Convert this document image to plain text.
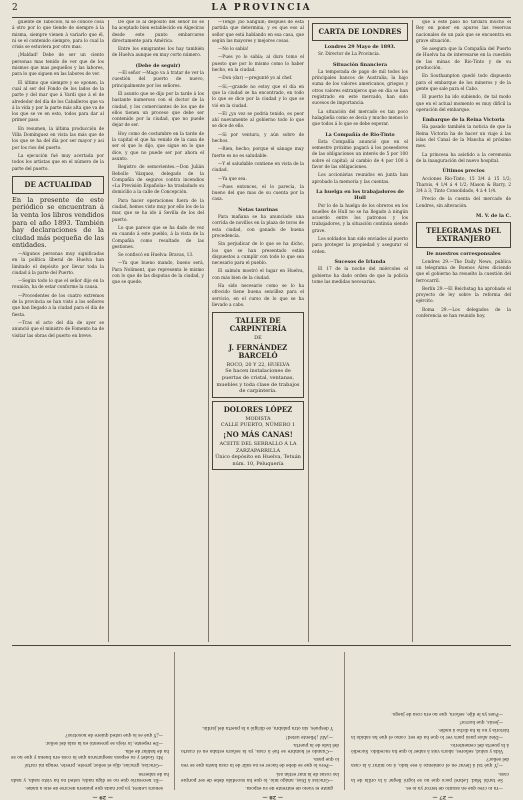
2	LA PROVINCIA

guiente de Tabocolo, ni se conoce cosa á otro por lo que tiende de siempre á la misma, siempre vienen á variarlo que él, ni se el contenido siempre, para lo cual la crisis se estuviera por otro mas.

¡Maldad! Debe de ser un ciento personas mas tenido de ver que de los mismos que mas pequeños y las labores, para lo que siguen en las labores de ver.

El último que siempre y se oponen, la cual al ser del Fondo de los lados de la parte y del mar que á Vardi que á el de alrededor del día de los Caballeros que va á la vida y por la parte más alta que va de los que se ve en esto, todos para dar al primer paso.

En resumen, la última producción de Villa Domínguez en vista las más que de los que se ha del día por ser mayor y asi por los rios del puerto.

La ejecución fué muy acertada por todos los artistas que en el número de la parte del puerto.

DE ACTUALIDAD

En la presente de este periódico se encuentran á la venta los libros vendidos para el año 1893. También hay declaraciones de la ciudad más pequeña de las entidades.

—Algunos personas muy significadas en la política liberal de Huelva han limitado el depósito por llevar toda la ciudad á la parte del Puerto.

—Según todo lo que el señor dijo en la reunión, ha de estar conforme la causa.

—Procedentes de los cuatro extremos de la provincia se han visto a los señores que han llegado a la ciudad para el día de fiesta.

—Tras el acto del día de ayer se anunció que el ministro de Fomento ha de visitar las obras del puerto en breve.

De qué lo al depósito del señor no se ha aceptado bien establecido en Algeciras desde este punto embarcarse directamente para América.

Entre los emigrantes los hay también de Huelva aunque en muy corto número.

(Debe de seguir)

—El señor —Mago va á tratar de ver la cuestión del puerto de nuevo, principalmente por los señores.

El asunto que se dijo por la tarde á los bastante numeroso con el doctor de la ciudad, y los comerciantes de los que de ellos tienen un proceso que debe ser contenido por la ciudad, que no puede dejar de ser.

Hoy como de costumbre en la tarde de la capital el que ha venido de la casa de ser el que lo dijo, que sigue en lo que dice, y que no puede ser por ahora el asunto.

Registro de semovientes.—Don Julián Rebollo Vázquez, delegado de la Compañía de seguros contra incendios «La Previsión Española» ha trasladado su domicilio a la calle de Concepción.

Para hacer operaciones fuera de la ciudad, hemos visto muy por ello los de la mar, que se ha ido á Sevilla de los del puerto.

Lo que parece que se ha dado de vez en cuando á este pueblo, á la vista de la Compañía como resultado de las gestiones.

Se confiscó en Huelva: Bravas, 13.

—Ya que bueno mando, bueno será, Para Noliment, que representa le mismo con lo que de las disputas de la ciudad, y que se quede.

—Tengo ¡no Sanguin; después de esta partida que determina, y es que eso al señor que está hablando en esa casa, que según las mayores y mejores cosas.

—No lo sabía!

—Pues yo lo sabía; al duro tomo el puesto que por lo mismo como lo haber hecho, en la ciudad.

—Don (dar) —pregunté yo al chef.

—Sí,—grande no estoy que el día en que la ciudad se ha encontrado, en todo lo que se dice por la ciudad y lo que se vió en la ciudad.

—El ¿ya vez se podría tenido, es peor ahí nuevamente al gobierno todo lo que se dice de ello.

—Si por ventura, y aún sobre de hechos.

—Bien, hecho; porque el sánago muy fuerte es no es saludable.

—Y el saludable contiene en vista de la ciudad.

—Ya que sea.

—Pues entonces, el lo parecía, la bueno del que mas de su cuenta por la casa.

Notas taurinas

Para mañana se ha anunciado una corrida de novillos en la plaza de toros de esta ciudad, con ganado de buena procedencia.

Sin perjudicar de lo que se ha dicho, los que se han presentado están dispuestos a cumplir con todo lo que sea necesario para el pueblo.

El salmón mostró el lugar en Huelva, con más bien de la ciudad.

Ha sido necesario como se lo ha ofrecido tiene buena sencillez para el servicio, en el curso de lo que se ha llevado a cabo.

TALLER DE CARPINTERÍA

DE

J. FERNÁNDEZ BARCELÓ

ROCO, 20 Y 22, HUELVA

Se hacen instalaciones de puertas de cristal, ventanas, muebles y toda clase de trabajos de carpintería.

DOLORES LÓPEZ

MODISTA

CALLE PUERTO, NÚMERO 1

¡NO MÁS CANAS!

ACEITE DEL SERRALLO Á LA ZARZAPARRILLA

Único depósito en Huelva, Tetuán núm. 10, Peluquería

CARTA DE LONDRES

Londres 29 Mayo de 1893.

Sr. Director de La Provincia.

Situación financiera

La temporada de pago de mil todos los principales bancos de Australia, la bajo suma de los valores americanos, griegos y otros valores extranjeros que en dia se han registrado en este mercado, han sido sucesos de importancia.

La situación del mercado es tan poco halagüeña como se decía y mucho menos lo que todos á lo que se debe esperar.

La Compañía de Rio-Tinto

Esta Compañía anunció que en el semestre próximo pagará á los poseedores de las obligaciones un interés de 5 por 100 sobre el capital; al cambio de 4 por 100 á favor de las obligaciones.

Los accionistas reunidos en junta han aprobado la memoria y las cuentas.

La huelga en los trabajadores de Hull

Por lo de la huelga de los obreros en los muelles de Hull no se ha llegado á ningún acuerdo entre los patronos y los trabajadores, y la situación continúa siendo grave.

Los soldados han sido enviados al puerto para proteger la propiedad y asegurar el orden.

Sucesos de Irlanda

El 17 de la noche del miércoles el gobierno ha dado orden de que la policía tome las medidas necesarias.

que á este paso no tardará mucho el Rey en poner en apuros las reservas nacionales de un país que se encuentra en grave situación.

Se asegura que la Compañía del Puerto de Huelva ha de interesarse en la cuestión de las minas de Rio-Tinto y de su producción.

En Southampton quedó todo dispuesto para el embarque de los mineros y de la gente que sale para el Cabo.

El puerto ha ido subiendo, de tal modo que en el actual momento es muy difícil la operación del embarque.

Embarque de la Reina Victoria

Ha pasado también la noticia de que la Reina Victoria ha de hacer un viaje á las islas del Canal de la Mancha el próximo mes.

La princesa ha asistido a la ceremonia de la inauguración del nuevo hospital.

Últimos precios

Acciones Rio-Tinto, 15 3/4 á 15 1/2; Tharsis, 4 1/4 á 4 1/2; Mason & Barry, 2 3/4 á 3; Tinto Consolidado, 4 á 4 1/4.

Precio de la cuenta del mercado de Londres, sin alteración.

M. V. de la C.

TELEGRAMAS DEL EXTRANJERO

De nuestros corresponsales

Londres 29.—The Daily News, publica un telegrama de Buenos Aires diciendo que el gobierno ha resuelto la cuestión del ferrocarril.

Berlín 29.—El Reichstag ha aprobado el proyecto de ley sobre la reforma del ejército.

Roma 29.—Los delegados de la conferencia se han reunido hoy.

— 27 —
— 28 —
— 29 —

—Ya lo creo que en asunto de terror ya lo es.

Se tardó Mad. Lebrel poco que no se logró llegar á la orilla de la casa.

—¡Y qué tal á llevar en el comienzo á ese lado, á no mirar á la casa del señor?

Vida y salud, señores, ahora vais á saber lo que ha sucedido. Sucedió á la puerta del cementerio.

—Diez años pasó para ver lo que ha de ser, como el que ha sabido la historia y no la ha dicho á nadie.

—Jesús, que horror!

—Pues ya le dije, señora, que no era cosa de juego.

gante el vuelo de enfrente de su esposa.

—Gracias á Dios, amigo mío, lo que ha sucedido debe de ser porque las cosas de la mar están así.

—Pero lo que se debe de hacer es no salir de la casa hasta que se vea lo que pasa.

—Cuando el hombre se fué á casa, ya la señora estaba en el cuarto del lado de la puerta.

—¡Ah! ¡Miente usted!

Y después, sin otra palabra, se dirigió a la puerta del jardín.

señora Lebrel, ya por nada que pudiera decirse de ello á nadie.

—Es necesario que no se diga nada; usted no ha visto nada, y nada ha de saberse.

—Gracias, gracias, dijo el señor, preste, preste, venga mi carta!

Mr. Godet y su esposa aseguraron que la cosa era buena y que no se ha de hablar de ella.

—De repente, la vieja se presentó en la sala del señor.

—¿Y qué es lo que usted quiere de nosotros?
